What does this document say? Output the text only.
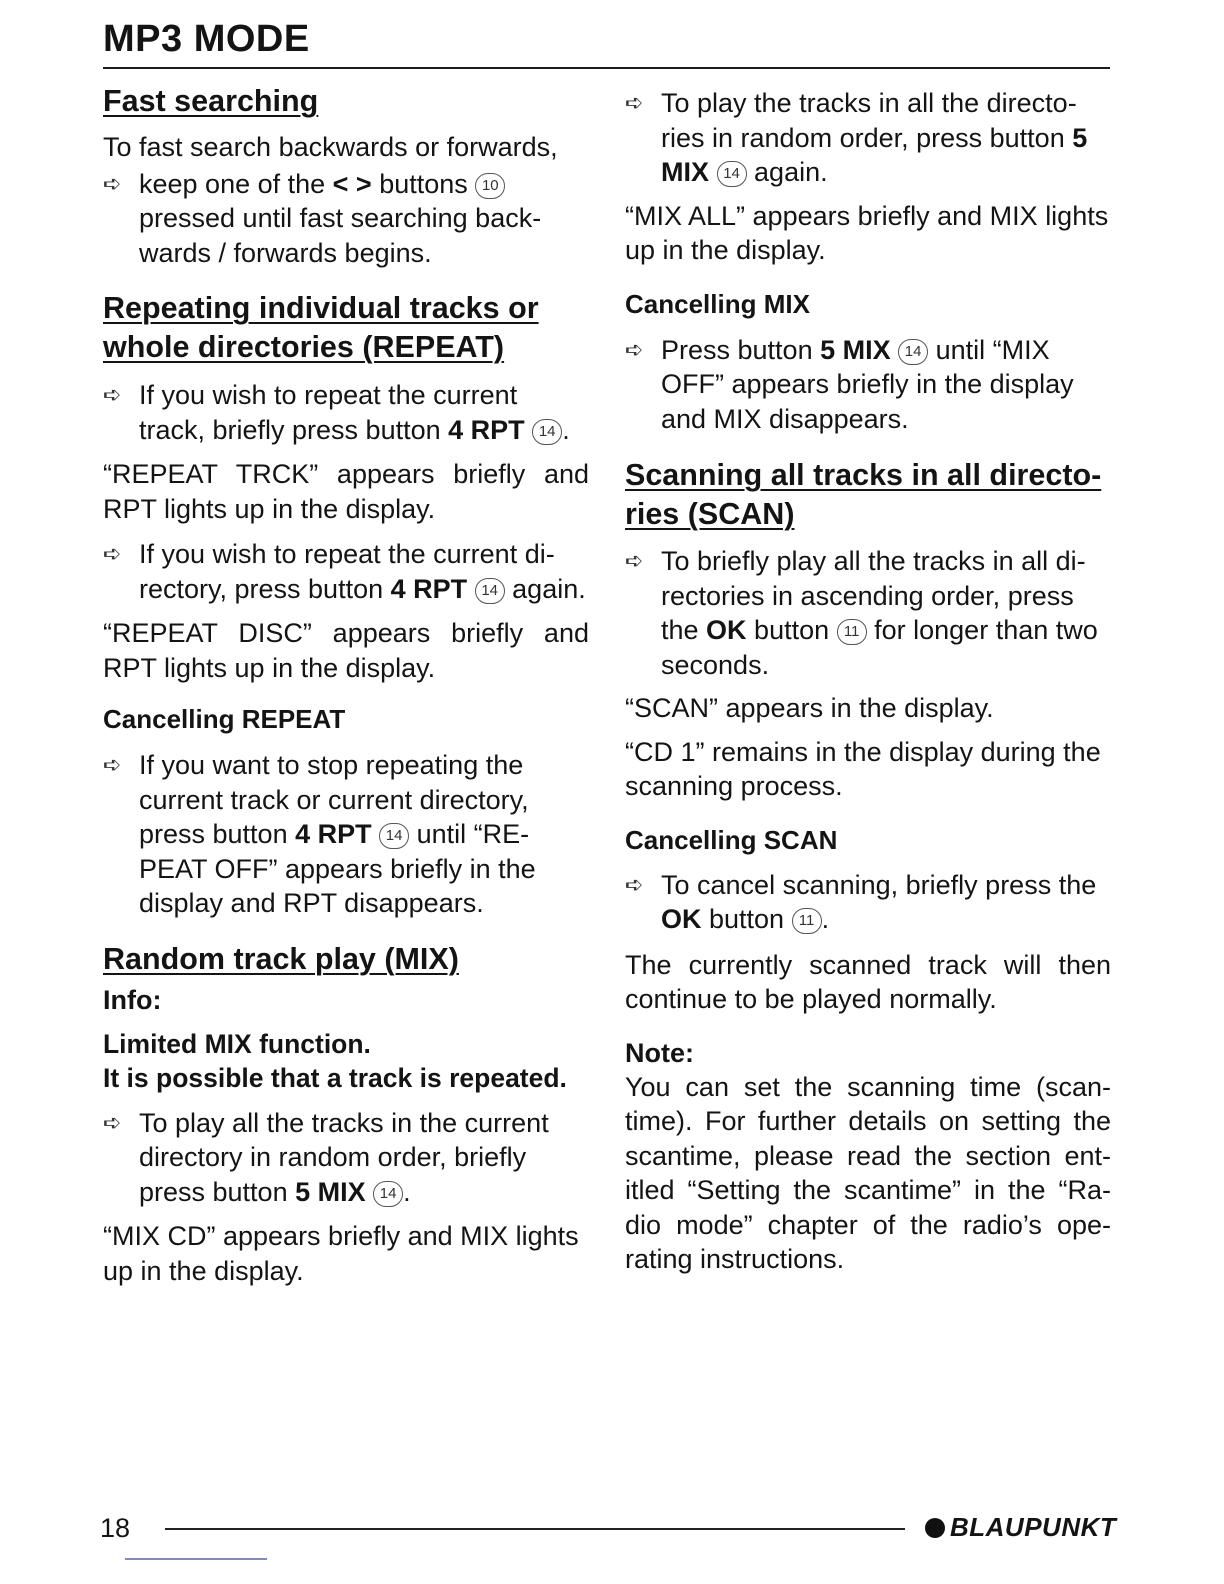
MP3 MODE
Fast searching

To fast search backwards or forwards,

➪ keep one of the < > buttons 10 pressed until fast searching back- wards / forwards begins.
Repeating individual tracks or whole directories (REPEAT)
➪ If you wish to repeat the current track, briefly press button 4 RPT 14 .

“REPEAT TRCK” appears briefly and RPT lights up in the display.

➪ If you wish to repeat the current di- rectory, press button 4 RPT 14 again.

“REPEAT DISC” appears briefly and RPT lights up in the display.

Cancelling REPEAT
➪ If you want to stop repeating the current track or current directory, press button 4 RPT 14 until “RE- PEAT OFF” appears briefly in the display and RPT disappears.
Random track play (MIX)
Info:
Limited MIX function.
It is possible that a track is repeated.
➪ To play all the tracks in the current directory in random order, briefly press button 5 MIX 14 .

“MIX CD” appears briefly and MIX lights up in the display.

➪ To play the tracks in all the directo- ries in random order, press button 5 MIX 14 again.

“MIX ALL” appears briefly and MIX lights up in the display.

Cancelling MIX
➪ Press button 5 MIX 14 until “MIX OFF” appears briefly in the display and MIX disappears.
Scanning all tracks in all directo- ries (SCAN)
➪ To briefly play all the tracks in all di- rectories in ascending order, press the OK button 11 for longer than two seconds.

“SCAN” appears in the display.

“CD 1” remains in the display during the scanning process.

Cancelling SCAN
➪ To cancel scanning, briefly press the OK button 11 .

The currently scanned track will then continue to be played normally.

Note:

You can set the scanning time (scan- time). For further details on setting the scantime, please read the section ent- itled “Setting the scantime” in the “Ra- dio mode” chapter of the radio’s ope- rating instructions.

18	BLAUPUNKT
